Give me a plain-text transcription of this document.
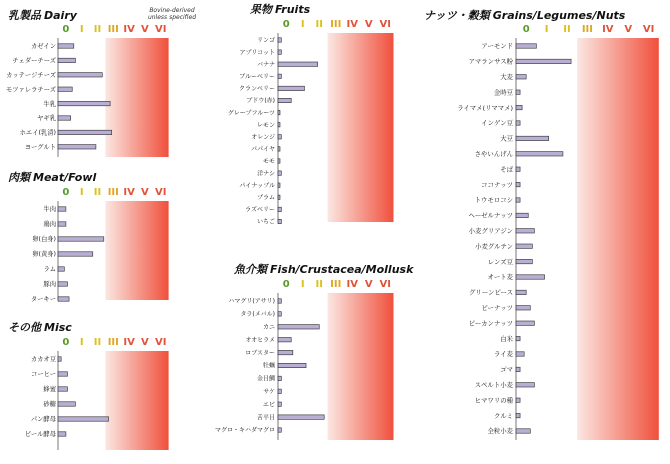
0 I II III IV V VI
乳製品 Dairy	Bovine-derived unless specified
カゼイン
チェダーチーズ
カッテージチーズ
モツァレラチーズ
牛乳
ヤギ乳
ホエイ(乳清)
ヨーグルト
0 I II III IV V VI
肉類 Meat/Fowl
牛肉
鶏肉
卵(白身)
卵(黄身)
ラム
豚肉
ターキー
0 I II III IV V VI
その他 Misc
カカオ豆
コーヒー
蜂蜜
砂糖
パン酵母
ビール酵母
0 I II III IV V VI
果物 Fruits
リンゴ
アプリコット
バナナ
ブルーベリー
クランベリー
ブドウ(赤)
グレープフルーツ
レモン
オレンジ
パパイヤ
モモ
洋ナシ
パイナップル
プラム
ラズベリー
いちご
0 I II III IV V VI
魚介類 Fish/Crustacea/Mollusk
ハマグリ(アサリ)
タラ(メバル)
カニ
オオヒラメ
ロブスター
牡蠣
金目鯛
サケ
エビ
舌平目
マグロ・キハダマグロ
0 I II III IV V VI
ナッツ・穀類 Grains/Legumes/Nuts
アーモンド
アマランサス粉
大麦
金時豆
ライマメ(リママメ)
インゲン豆
大豆
さやいんげん
そば
ココナッツ
トウモロコシ
ヘーゼルナッツ
小麦グリアジン
小麦グルテン
レンズ豆
オート麦
グリーンピース
ピーナッツ
ピーカンナッツ
白米
ライ麦
ゴマ
スペルト小麦
ヒマワリの種
クルミ
全粒小麦
